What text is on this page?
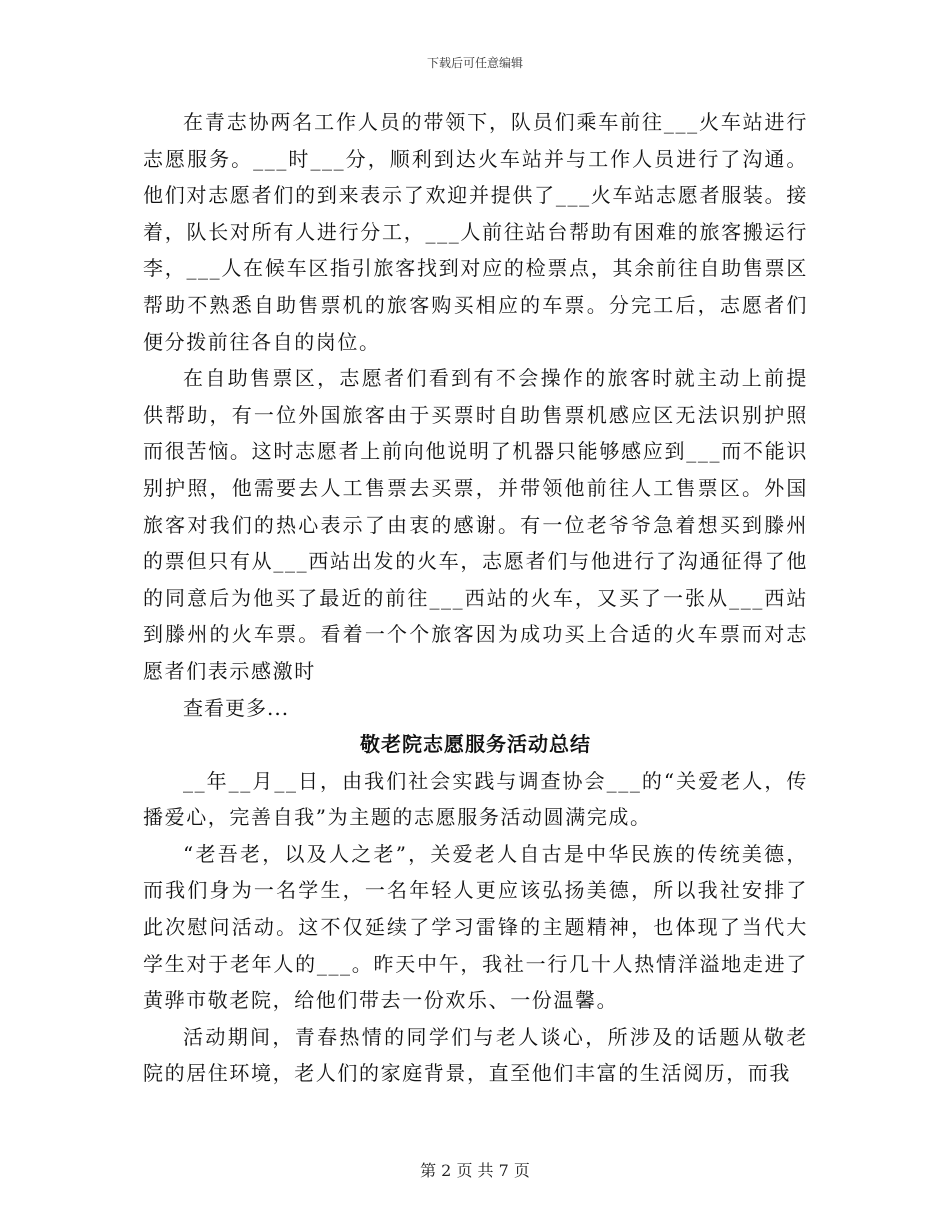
下载后可任意编辑

在青志协两名工作人员的带领下，队员们乘车前往___火车站进行志愿服务。___时___分，顺利到达火车站并与工作人员进行了沟通。他们对志愿者们的到来表示了欢迎并提供了___火车站志愿者服装。接着，队长对所有人进行分工，___人前往站台帮助有困难的旅客搬运行李，___人在候车区指引旅客找到对应的检票点，其余前往自助售票区帮助不熟悉自助售票机的旅客购买相应的车票。分完工后，志愿者们便分拨前往各自的岗位。

在自助售票区，志愿者们看到有不会操作的旅客时就主动上前提供帮助，有一位外国旅客由于买票时自助售票机感应区无法识别护照而很苦恼。这时志愿者上前向他说明了机器只能够感应到___而不能识别护照，他需要去人工售票去买票，并带领他前往人工售票区。外国旅客对我们的热心表示了由衷的感谢。有一位老爷爷急着想买到滕州的票但只有从___西站出发的火车，志愿者们与他进行了沟通征得了他的同意后为他买了最近的前往___西站的火车，又买了一张从___西站到滕州的火车票。看着一个个旅客因为成功买上合适的火车票而对志愿者们表示感激时

查看更多...

敬老院志愿服务活动总结

__年__月__日，由我们社会实践与调查协会___的“关爱老人，传播爱心，完善自我”为主题的志愿服务活动圆满完成。

“老吾老，以及人之老”，关爱老人自古是中华民族的传统美德，而我们身为一名学生，一名年轻人更应该弘扬美德，所以我社安排了此次慰问活动。这不仅延续了学习雷锋的主题精神，也体现了当代大学生对于老年人的___。昨天中午，我社一行几十人热情洋溢地走进了黄骅市敬老院，给他们带去一份欢乐、一份温馨。

活动期间，青春热情的同学们与老人谈心，所涉及的话题从敬老院的居住环境，老人们的家庭背景，直至他们丰富的生活阅历，而我

第 2 页 共 7 页
